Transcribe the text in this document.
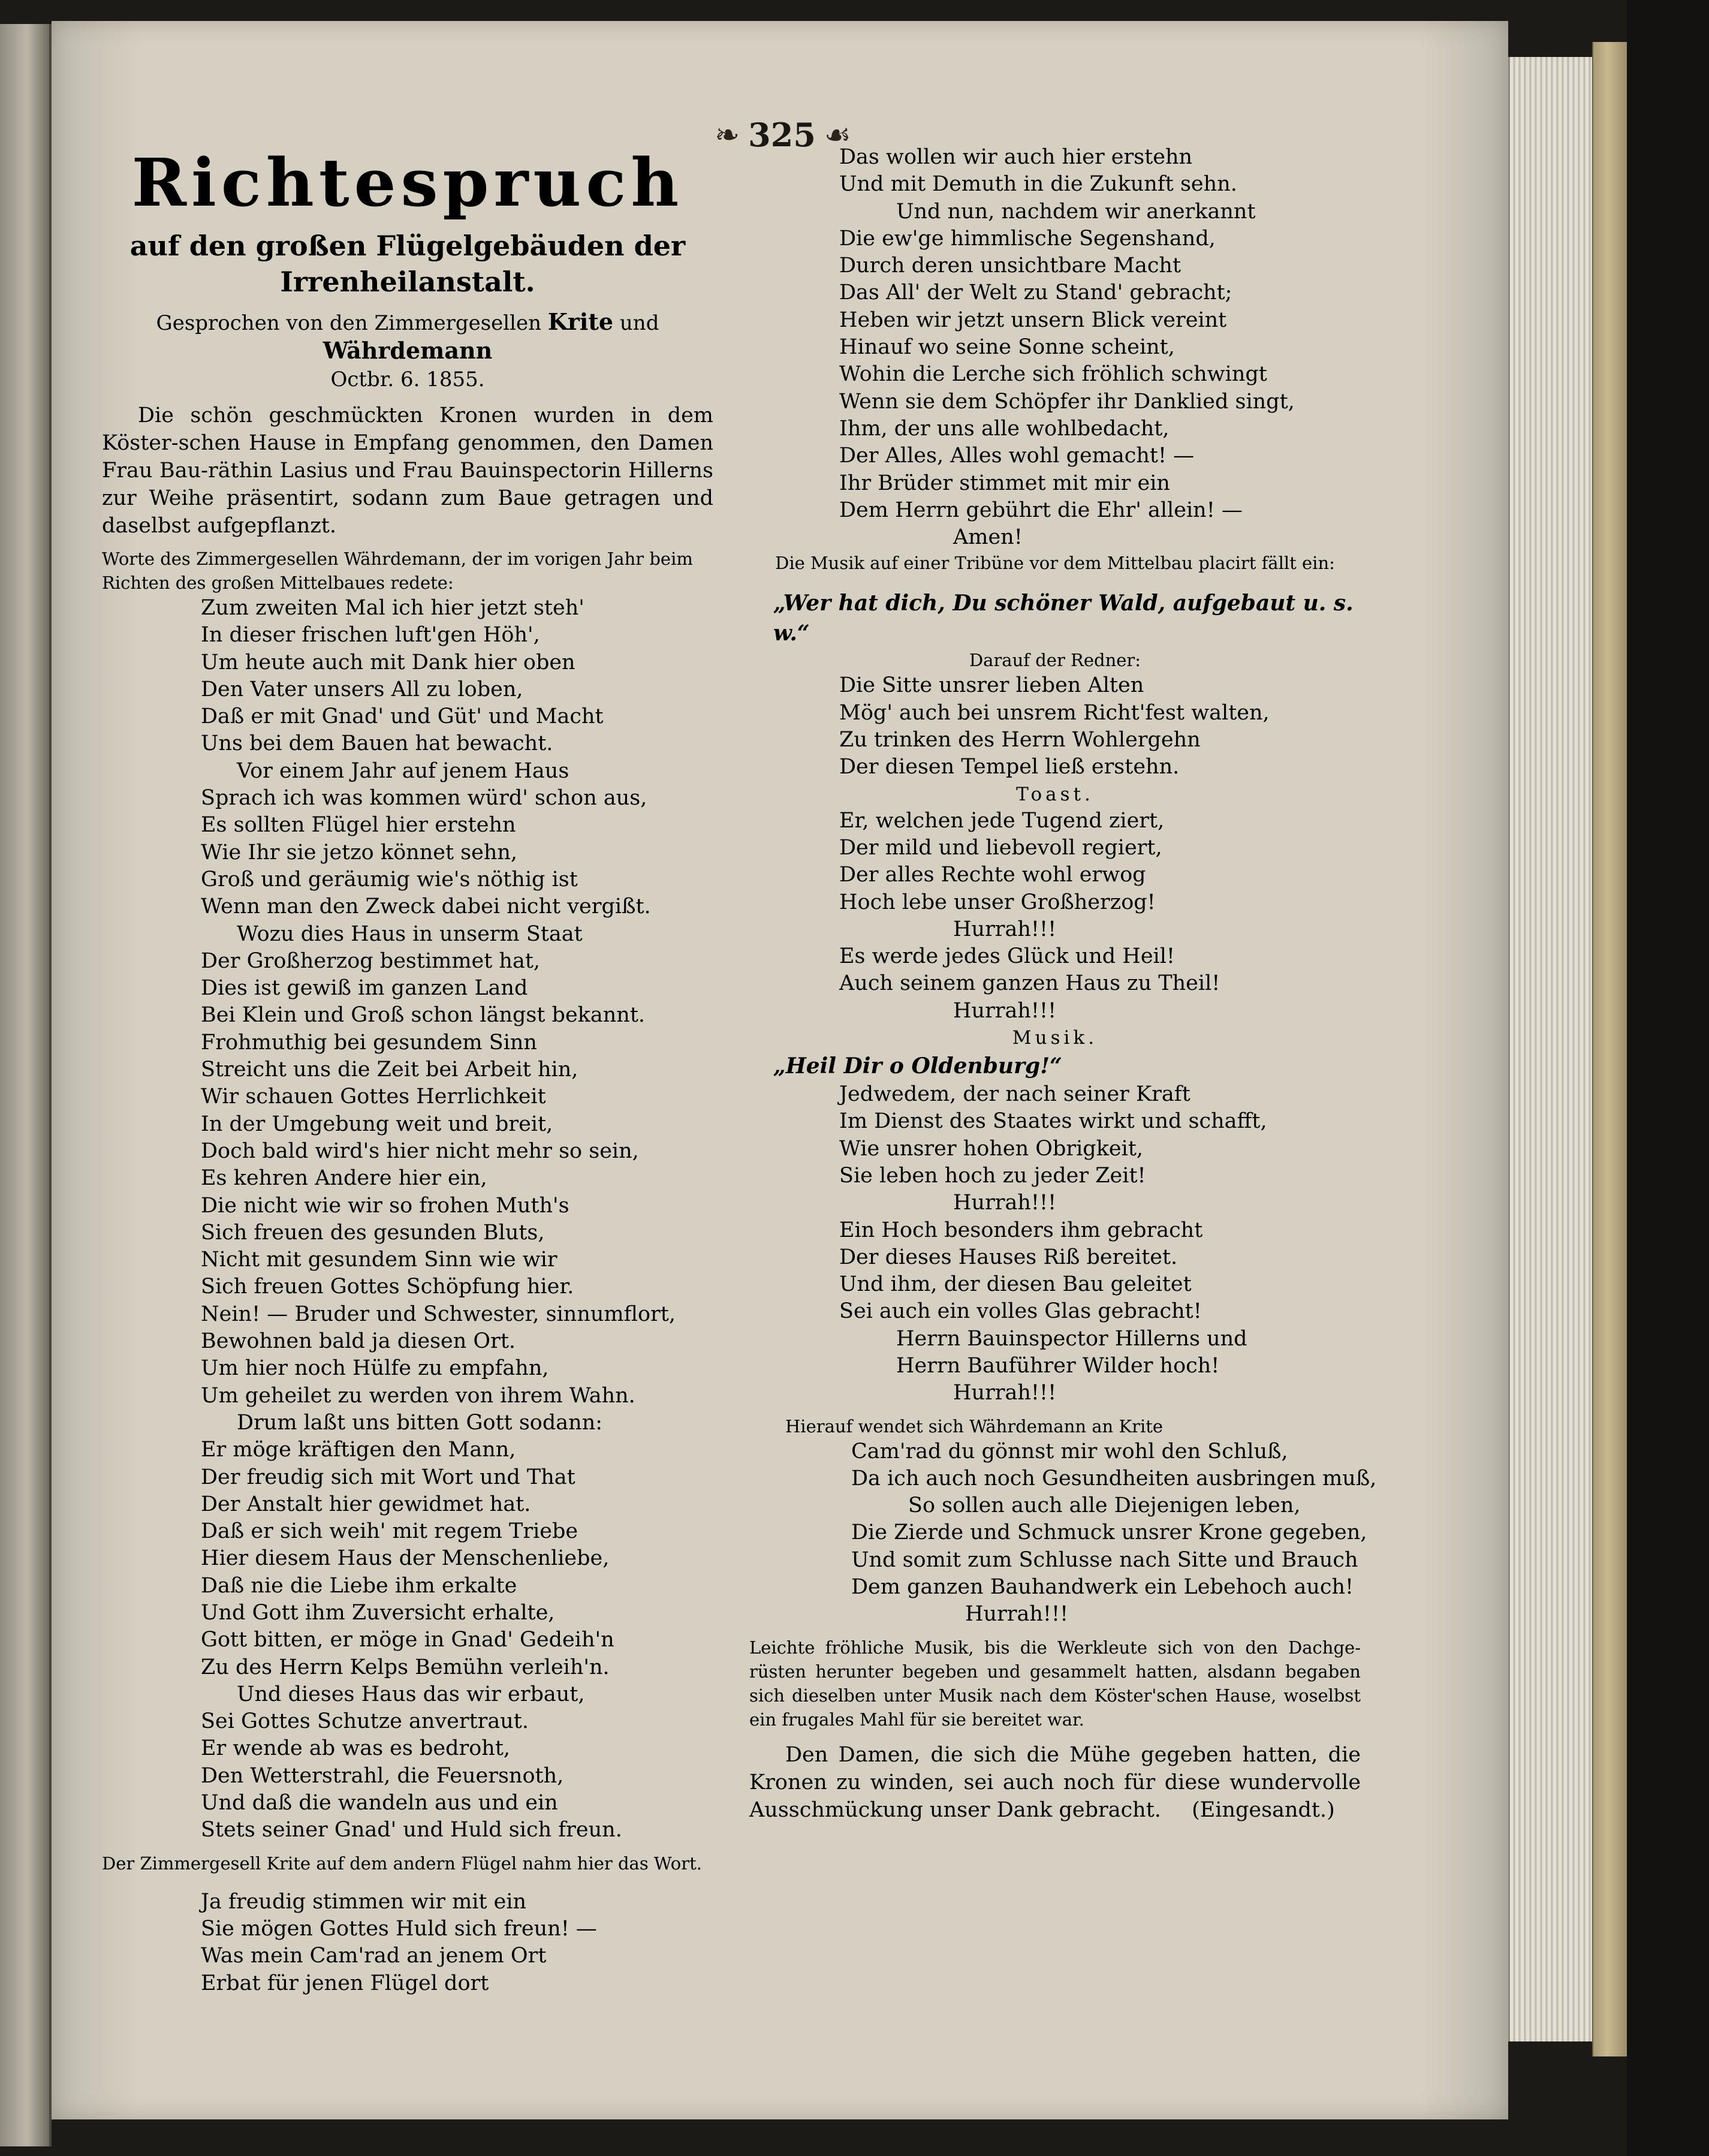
❧ 325 ☙
Richtespruch
auf den großen Flügelgebäuden der Irrenheilanstalt.
Gesprochen von den Zimmergesellen Krite und Währdemann
Octbr. 6. 1855.

Die schön geschmückten Kronen wurden in dem Köster-schen Hause in Empfang genommen, den Damen Frau Bau-räthin Lasius und Frau Bauinspectorin Hillerns zur Weihe präsentirt, sodann zum Baue getragen und daselbst aufgepflanzt.

Worte des Zimmergesellen Währdemann, der im vorigen Jahr beim Richten des großen Mittelbaues redete:
Zum zweiten Mal ich hier jetzt steh'
In dieser frischen luft'gen Höh',
Um heute auch mit Dank hier oben
Den Vater unsers All zu loben,
Daß er mit Gnad' und Güt' und Macht
Uns bei dem Bauen hat bewacht.
Vor einem Jahr auf jenem Haus
Sprach ich was kommen würd' schon aus,
Es sollten Flügel hier erstehn
Wie Ihr sie jetzo könnet sehn,
Groß und geräumig wie's nöthig ist
Wenn man den Zweck dabei nicht vergißt.
Wozu dies Haus in unserm Staat
Der Großherzog bestimmet hat,
Dies ist gewiß im ganzen Land
Bei Klein und Groß schon längst bekannt.
Frohmuthig bei gesundem Sinn
Streicht uns die Zeit bei Arbeit hin,
Wir schauen Gottes Herrlichkeit
In der Umgebung weit und breit,
Doch bald wird's hier nicht mehr so sein,
Es kehren Andere hier ein,
Die nicht wie wir so frohen Muth's
Sich freuen des gesunden Bluts,
Nicht mit gesundem Sinn wie wir
Sich freuen Gottes Schöpfung hier.
Nein! — Bruder und Schwester, sinnumflort,
Bewohnen bald ja diesen Ort.
Um hier noch Hülfe zu empfahn,
Um geheilet zu werden von ihrem Wahn.
Drum laßt uns bitten Gott sodann:
Er möge kräftigen den Mann,
Der freudig sich mit Wort und That
Der Anstalt hier gewidmet hat.
Daß er sich weih' mit regem Triebe
Hier diesem Haus der Menschenliebe,
Daß nie die Liebe ihm erkalte
Und Gott ihm Zuversicht erhalte,
Gott bitten, er möge in Gnad' Gedeih'n
Zu des Herrn Kelps Bemühn verleih'n.
Und dieses Haus das wir erbaut,
Sei Gottes Schutze anvertraut.
Er wende ab was es bedroht,
Den Wetterstrahl, die Feuersnoth,
Und daß die wandeln aus und ein
Stets seiner Gnad' und Huld sich freun.
Der Zimmergesell Krite auf dem andern Flügel nahm hier das Wort.
Ja freudig stimmen wir mit ein
Sie mögen Gottes Huld sich freun! —
Was mein Cam'rad an jenem Ort
Erbat für jenen Flügel dort
Das wollen wir auch hier erstehn
Und mit Demuth in die Zukunft sehn.
Und nun, nachdem wir anerkannt
Die ew'ge himmlische Segenshand,
Durch deren unsichtbare Macht
Das All' der Welt zu Stand' gebracht;
Heben wir jetzt unsern Blick vereint
Hinauf wo seine Sonne scheint,
Wohin die Lerche sich fröhlich schwingt
Wenn sie dem Schöpfer ihr Danklied singt,
Ihm, der uns alle wohlbedacht,
Der Alles, Alles wohl gemacht! —
Ihr Brüder stimmet mit mir ein
Dem Herrn gebührt die Ehr' allein! —
Amen!
Die Musik auf einer Tribüne vor dem Mittelbau placirt fällt ein:
„Wer hat dich, Du schöner Wald, aufgebaut u. s. w.“
Darauf der Redner:
Die Sitte unsrer lieben Alten
Mög' auch bei unsrem Richt'fest walten,
Zu trinken des Herrn Wohlergehn
Der diesen Tempel ließ erstehn.
Toast.
Er, welchen jede Tugend ziert,
Der mild und liebevoll regiert,
Der alles Rechte wohl erwog
Hoch lebe unser Großherzog!
Hurrah!!!
Es werde jedes Glück und Heil!
Auch seinem ganzen Haus zu Theil!
Hurrah!!!
Musik.
„Heil Dir o Oldenburg!“
Jedwedem, der nach seiner Kraft
Im Dienst des Staates wirkt und schafft,
Wie unsrer hohen Obrigkeit,
Sie leben hoch zu jeder Zeit!
Hurrah!!!
Ein Hoch besonders ihm gebracht
Der dieses Hauses Riß bereitet.
Und ihm, der diesen Bau geleitet
Sei auch ein volles Glas gebracht!
Herrn Bauinspector Hillerns und
Herrn Bauführer Wilder hoch!
Hurrah!!!
Hierauf wendet sich Währdemann an Krite
Cam'rad du gönnst mir wohl den Schluß,
Da ich auch noch Gesundheiten ausbringen muß,
So sollen auch alle Diejenigen leben,
Die Zierde und Schmuck unsrer Krone gegeben,
Und somit zum Schlusse nach Sitte und Brauch
Dem ganzen Bauhandwerk ein Lebehoch auch!
Hurrah!!!
Leichte fröhliche Musik, bis die Werkleute sich von den Dachge-rüsten herunter begeben und gesammelt hatten, alsdann begaben sich dieselben unter Musik nach dem Köster'schen Hause, woselbst ein frugales Mahl für sie bereitet war.

Den Damen, die sich die Mühe gegeben hatten, die Kronen zu winden, sei auch noch für diese wundervolle Ausschmückung unser Dank gebracht. (Eingesandt.)
